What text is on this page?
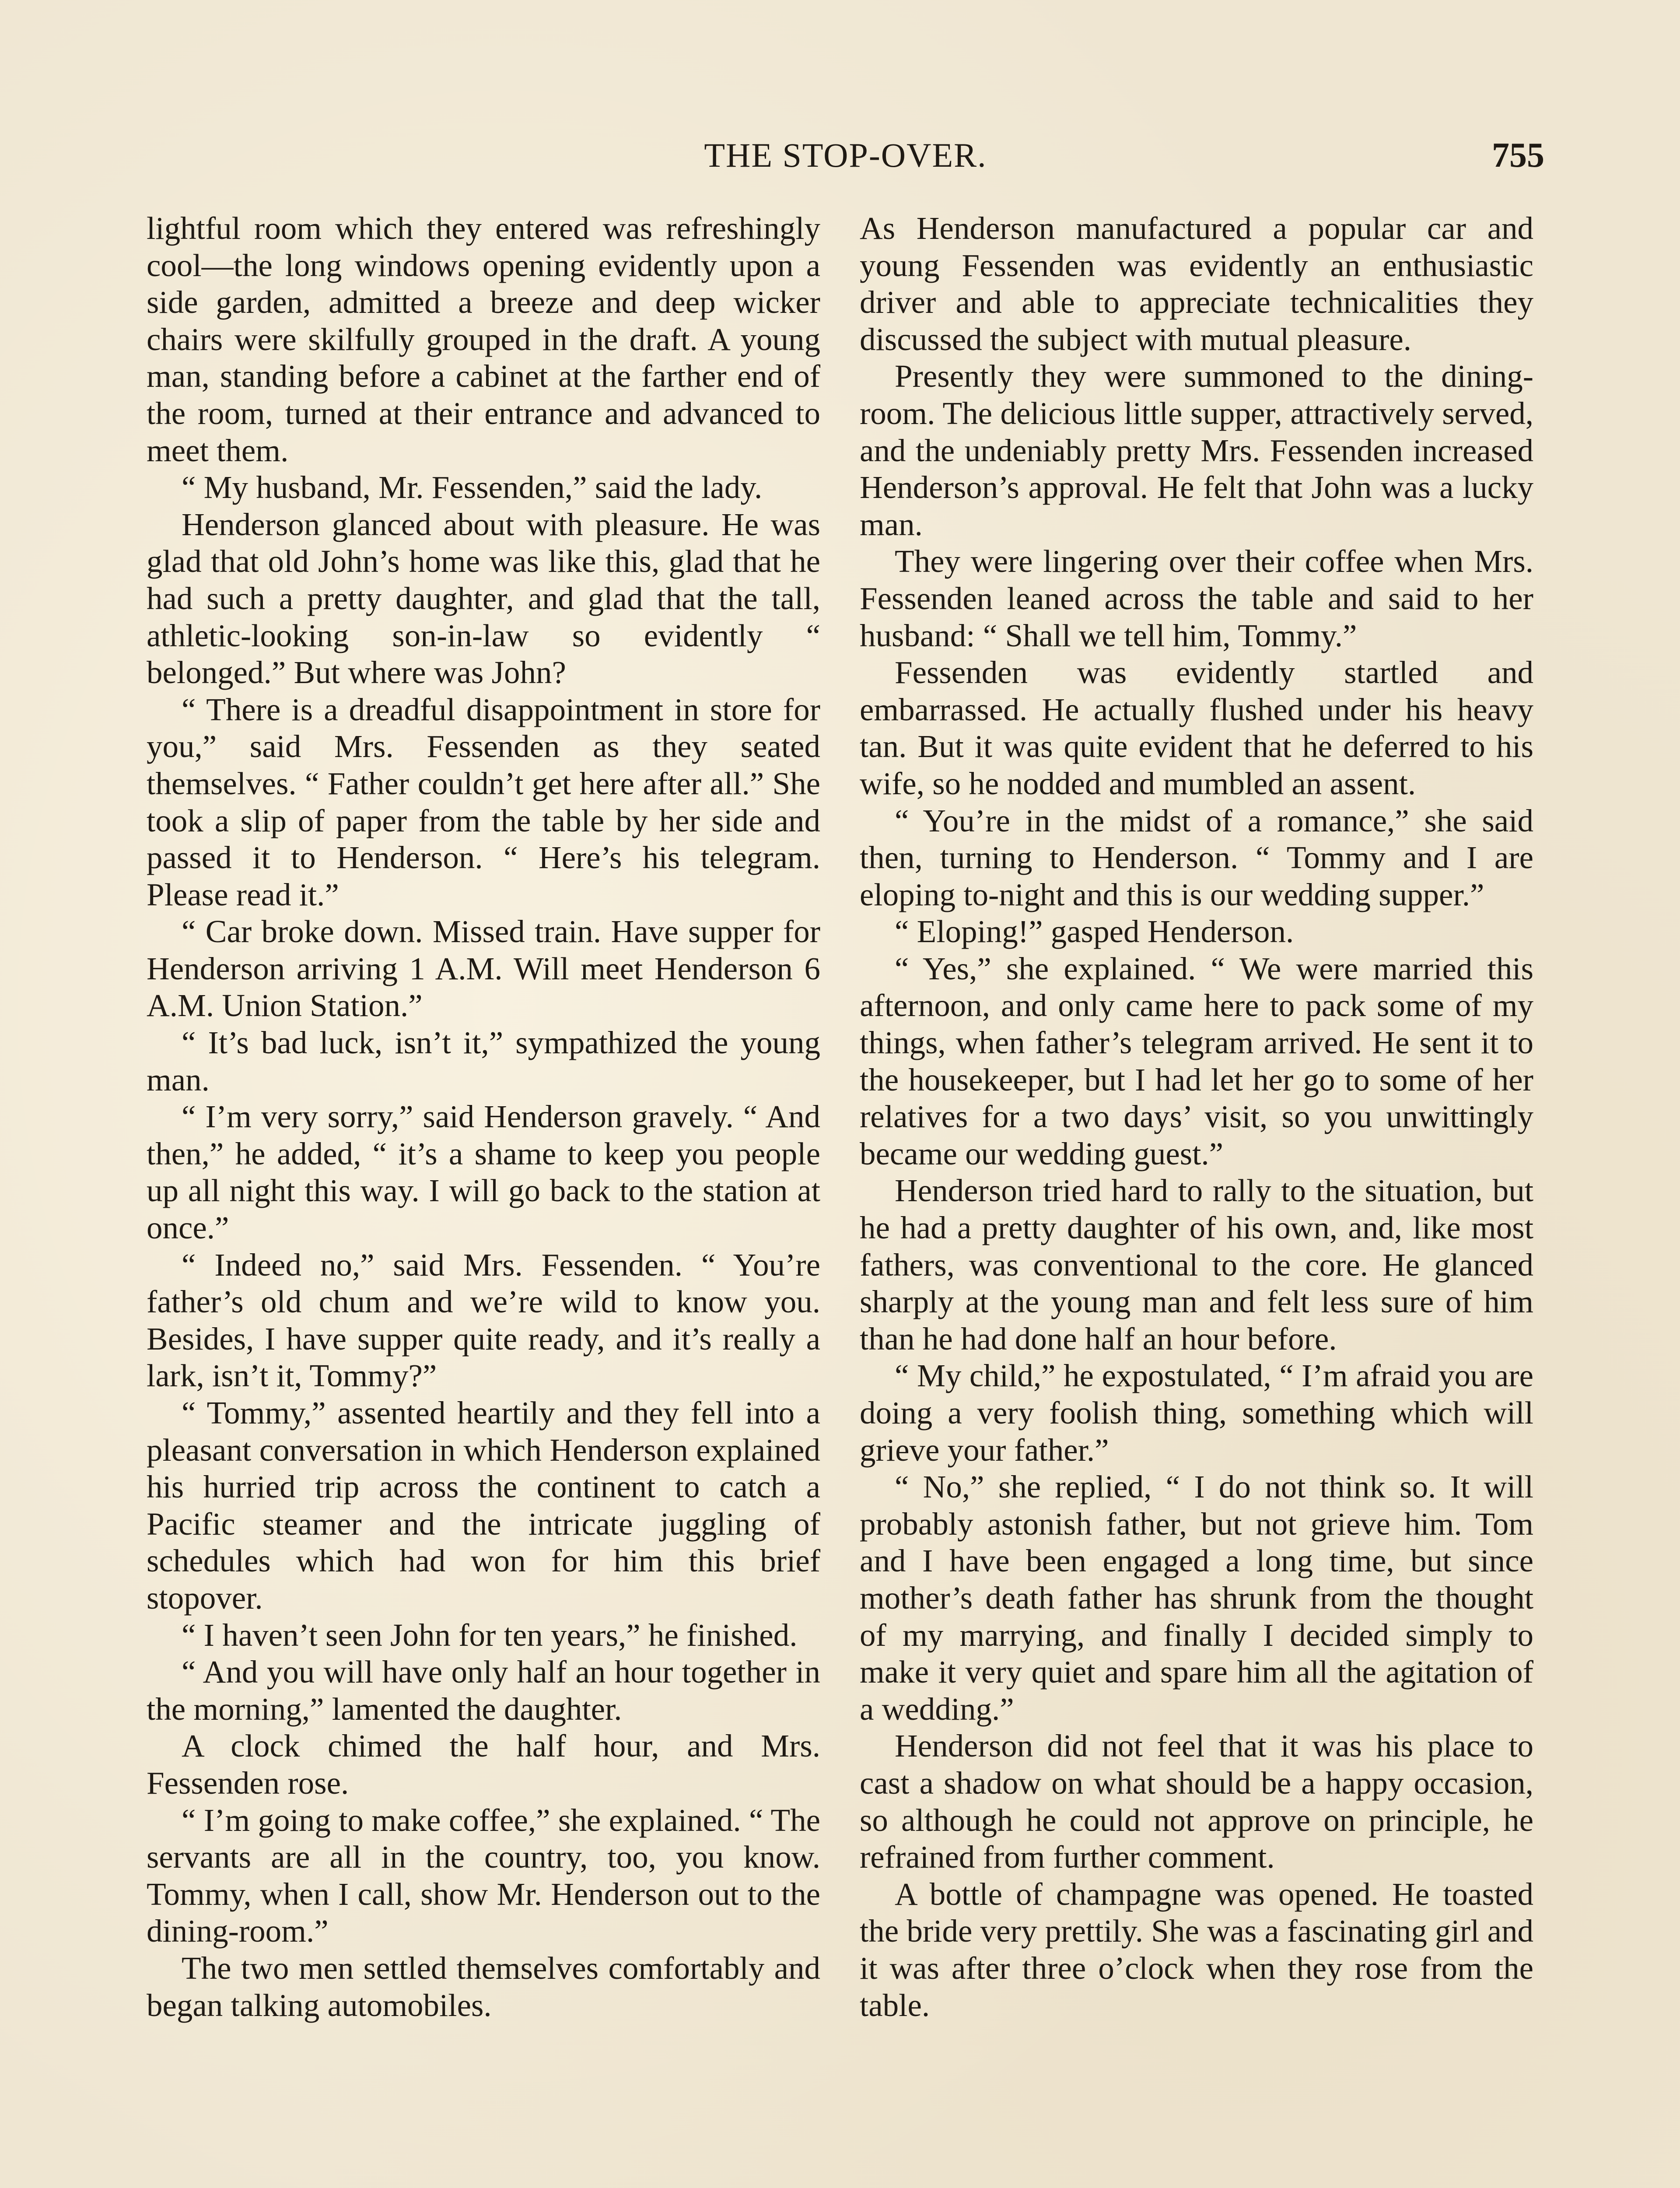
THE STOP-OVER.	755

lightful room which they entered was refreshingly cool—the long windows opening evidently upon a side garden, admitted a breeze and deep wicker chairs were skilfully grouped in the draft. A young man, standing before a cabinet at the farther end of the room, turned at their entrance and advanced to meet them.

“ My husband, Mr. Fessenden,” said the lady.

Henderson glanced about with pleasure. He was glad that old John’s home was like this, glad that he had such a pretty daughter, and glad that the tall, athletic-looking son-in-law so evidently “ belonged.” But where was John?

“ There is a dreadful disappointment in store for you,” said Mrs. Fessenden as they seated themselves. “ Father couldn’t get here after all.” She took a slip of paper from the table by her side and passed it to Henderson. “ Here’s his telegram. Please read it.”

“ Car broke down. Missed train. Have supper for Henderson arriving 1 A.M. Will meet Henderson 6 A.M. Union Station.”

“ It’s bad luck, isn’t it,” sympathized the young man.

“ I’m very sorry,” said Henderson gravely. “ And then,” he added, “ it’s a shame to keep you people up all night this way. I will go back to the station at once.”

“ Indeed no,” said Mrs. Fessenden. “ You’re father’s old chum and we’re wild to know you. Besides, I have supper quite ready, and it’s really a lark, isn’t it, Tommy?”

“ Tommy,” assented heartily and they fell into a pleasant conversation in which Henderson explained his hurried trip across the continent to catch a Pacific steamer and the intricate juggling of schedules which had won for him this brief stopover.

“ I haven’t seen John for ten years,” he finished.

“ And you will have only half an hour together in the morning,” lamented the daughter.

A clock chimed the half hour, and Mrs. Fessenden rose.

“ I’m going to make coffee,” she explained. “ The servants are all in the country, too, you know. Tommy, when I call, show Mr. Henderson out to the dining-room.”

The two men settled themselves comfortably and began talking automobiles.

As Henderson manufactured a popular car and young Fessenden was evidently an enthusiastic driver and able to appreciate technicalities they discussed the subject with mutual pleasure.

Presently they were summoned to the dining-room. The delicious little supper, attractively served, and the undeniably pretty Mrs. Fessenden increased Henderson’s approval. He felt that John was a lucky man.

They were lingering over their coffee when Mrs. Fessenden leaned across the table and said to her husband: “ Shall we tell him, Tommy.”

Fessenden was evidently startled and embarrassed. He actually flushed under his heavy tan. But it was quite evident that he deferred to his wife, so he nodded and mumbled an assent.

“ You’re in the midst of a romance,” she said then, turning to Henderson. “ Tommy and I are eloping to-night and this is our wedding supper.”

“ Eloping!” gasped Henderson.

“ Yes,” she explained. “ We were married this afternoon, and only came here to pack some of my things, when father’s telegram arrived. He sent it to the housekeeper, but I had let her go to some of her relatives for a two days’ visit, so you unwittingly became our wedding guest.”

Henderson tried hard to rally to the situation, but he had a pretty daughter of his own, and, like most fathers, was conventional to the core. He glanced sharply at the young man and felt less sure of him than he had done half an hour before.

“ My child,” he expostulated, “ I’m afraid you are doing a very foolish thing, something which will grieve your father.”

“ No,” she replied, “ I do not think so. It will probably astonish father, but not grieve him. Tom and I have been engaged a long time, but since mother’s death father has shrunk from the thought of my marrying, and finally I decided simply to make it very quiet and spare him all the agitation of a wedding.”

Henderson did not feel that it was his place to cast a shadow on what should be a happy occasion, so although he could not approve on principle, he refrained from further comment.

A bottle of champagne was opened. He toasted the bride very prettily. She was a fascinating girl and it was after three o’clock when they rose from the table.
